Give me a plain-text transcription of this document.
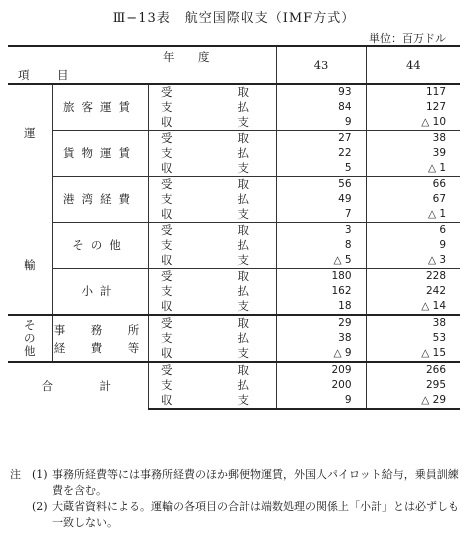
Ⅲ−13表　航空国際収支（IMF方式）
単位：百万ドル
年　度			43	44
項　目				

運
輸	旅客運賃	受　　取	93	117
		支　　払	84	127
		収　　支	9	△ 10
	貨物運賃	受　　取	27	38
		支　　払	22	39
		収　　支	5	△ 1
	港湾経費	受　　取	56	66
		支　　払	49	67
		収　　支	7	△ 1
	その他	受　　取	3	6
		支　　払	8	9
		収　　支	△ 5	△ 3
	小計	受　　取	180	228
		支　　払	162	242
		収　　支	18	△ 14

そ
の
他	事　務　所
経　費　等	受　　取	29	38
		支　　払	38	53
		収　　支	△ 9	△ 15
合　　　計		受　　取	209	266
		支　　払	200	295
		収　　支	9	△ 29
注	(1) 事務所経費等には事務所経費のほか郵便物運賃，外国人パイロット給与，乗員訓練費を含む。
(2) 大蔵省資料による。運輸の各項目の合計は端数処理の関係上「小計」とは必ずしも一致しない。
